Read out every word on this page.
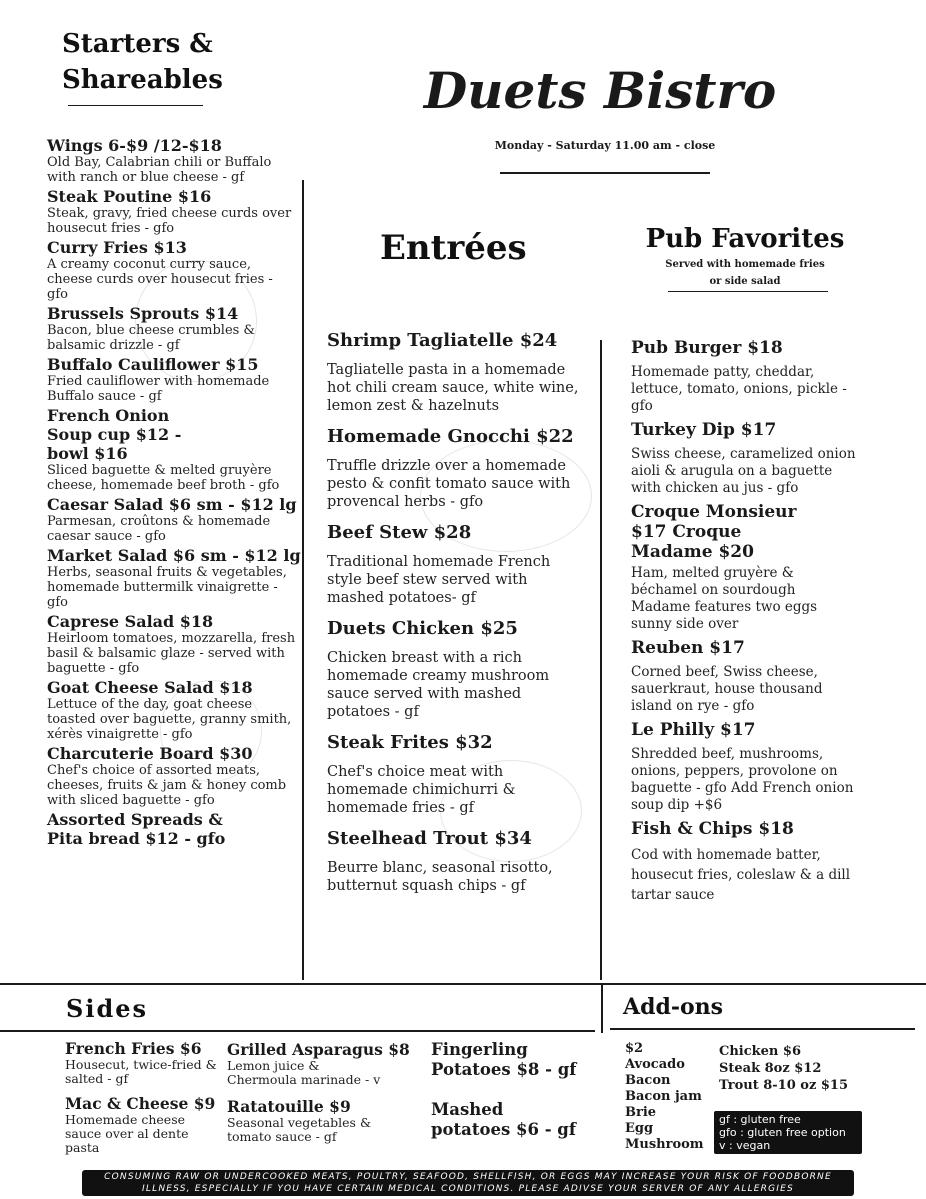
Starters &
Shareables	Duets Bistro
Monday - Saturday 11.00 am - close
Wings 6-$9 /12-$18
Old Bay, Calabrian chili or Buffalo with ranch or blue cheese - gf
Steak Poutine $16
Steak, gravy, fried cheese curds over housecut fries - gfo
Curry Fries $13
A creamy coconut curry sauce, cheese curds over housecut fries - gfo
Brussels Sprouts $14
Bacon, blue cheese crumbles & balsamic drizzle - gf
Buffalo Cauliflower $15
Fried cauliflower with homemade Buffalo sauce - gf
French Onion Soup cup $12 - bowl $16
Sliced baguette & melted gruyère cheese, homemade beef broth - gfo
Caesar Salad $6 sm - $12 lg
Parmesan, croûtons & homemade caesar sauce - gfo
Market Salad $6 sm - $12 lg
Herbs, seasonal fruits & vegetables, homemade buttermilk vinaigrette - gfo
Caprese Salad $18
Heirloom tomatoes, mozzarella, fresh basil & balsamic glaze - served with baguette - gfo
Goat Cheese Salad $18
Lettuce of the day, goat cheese toasted over baguette, granny smith, xérès vinaigrette - gfo
Charcuterie Board $30
Chef's choice of assorted meats, cheeses, fruits & jam & honey comb with sliced baguette - gfo
Assorted Spreads & Pita bread $12 - gfo
Entrées
Shrimp Tagliatelle $24
Tagliatelle pasta in a homemade hot chili cream sauce, white wine, lemon zest & hazelnuts
Homemade Gnocchi $22
Truffle drizzle over a homemade pesto & confit tomato sauce with provencal herbs - gfo
Beef Stew $28
Traditional homemade French style beef stew served with mashed potatoes- gf
Duets Chicken $25
Chicken breast with a rich homemade creamy mushroom sauce served with mashed potatoes - gf
Steak Frites $32
Chef's choice meat with homemade chimichurri & homemade fries - gf
Steelhead Trout $34
Beurre blanc, seasonal risotto, butternut squash chips - gf
Pub Favorites
Served with homemade fries
or side salad
Pub Burger $18
Homemade patty, cheddar, lettuce, tomato, onions, pickle - gfo
Turkey Dip $17
Swiss cheese, caramelized onion aioli & arugula on a baguette with chicken au jus - gfo
Croque Monsieur $17 Croque Madame $20
Ham, melted gruyère & béchamel on sourdough Madame features two eggs sunny side over
Reuben $17
Corned beef, Swiss cheese, sauerkraut, house thousand island on rye - gfo
Le Philly $17
Shredded beef, mushrooms, onions, peppers, provolone on baguette - gfo Add French onion soup dip +$6
Fish & Chips $18
Cod with homemade batter, housecut fries, coleslaw & a dill tartar sauce
Sides
French Fries $6
Housecut, twice-fried & salted - gf
Mac & Cheese $9
Homemade cheese sauce over al dente pasta
Grilled Asparagus $8
Lemon juice & Chermoula marinade - v
Ratatouille $9
Seasonal vegetables & tomato sauce - gf
Fingerling Potatoes $8 - gf
Mashed potatoes $6 - gf
Add-ons
$2
Avocado
Bacon
Bacon jam
Brie
Egg
Mushroom
Chicken $6
Steak 8oz $12
Trout 8-10 oz $15
gf : gluten free
gfo : gluten free option
v : vegan
CONSUMING RAW OR UNDERCOOKED MEATS, POULTRY, SEAFOOD, SHELLFISH, OR EGGS MAY INCREASE YOUR RISK OF FOODBORNE
ILLNESS, ESPECIALLY IF YOU HAVE CERTAIN MEDICAL CONDITIONS. PLEASE ADIVSE YOUR SERVER OF ANY ALLERGIES
